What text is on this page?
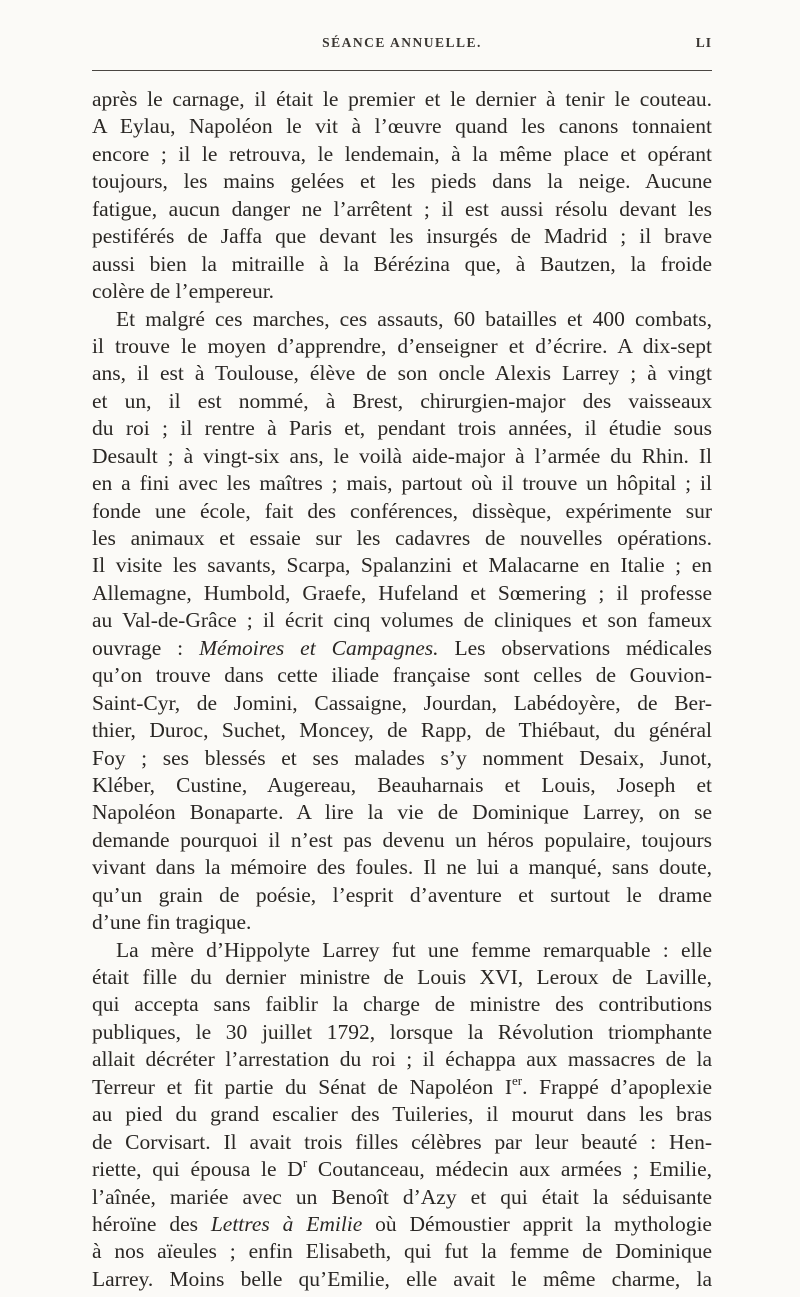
SÉANCE ANNUELLE.	LI
après le carnage, il était le premier et le dernier à tenir le couteau.
A Eylau, Napoléon le vit à l’œuvre quand les canons tonnaient
encore ; il le retrouva, le lendemain, à la même place et opérant
toujours, les mains gelées et les pieds dans la neige. Aucune
fatigue, aucun danger ne l’arrêtent ; il est aussi résolu devant les
pestiférés de Jaffa que devant les insurgés de Madrid ; il brave
aussi bien la mitraille à la Bérézina que, à Bautzen, la froide
colère de l’empereur.
Et malgré ces marches, ces assauts, 60 batailles et 400 combats,
il trouve le moyen d’apprendre, d’enseigner et d’écrire. A dix-sept
ans, il est à Toulouse, élève de son oncle Alexis Larrey ; à vingt
et un, il est nommé, à Brest, chirurgien-major des vaisseaux
du roi ; il rentre à Paris et, pendant trois années, il étudie sous
Desault ; à vingt-six ans, le voilà aide-major à l’armée du Rhin. Il
en a fini avec les maîtres ; mais, partout où il trouve un hôpital ; il
fonde une école, fait des conférences, dissèque, expérimente sur
les animaux et essaie sur les cadavres de nouvelles opérations.
Il visite les savants, Scarpa, Spalanzini et Malacarne en Italie ; en
Allemagne, Humbold, Graefe, Hufeland et Sœmering ; il professe
au Val-de-Grâce ; il écrit cinq volumes de cliniques et son fameux
ouvrage : Mémoires et Campagnes. Les observations médicales
qu’on trouve dans cette iliade française sont celles de Gouvion-
Saint-Cyr, de Jomini, Cassaigne, Jourdan, Labédoyère, de Ber-
thier, Duroc, Suchet, Moncey, de Rapp, de Thiébaut, du général
Foy ; ses blessés et ses malades s’y nomment Desaix, Junot,
Kléber, Custine, Augereau, Beauharnais et Louis, Joseph et
Napoléon Bonaparte. A lire la vie de Dominique Larrey, on se
demande pourquoi il n’est pas devenu un héros populaire, toujours
vivant dans la mémoire des foules. Il ne lui a manqué, sans doute,
qu’un grain de poésie, l’esprit d’aventure et surtout le drame
d’une fin tragique.
La mère d’Hippolyte Larrey fut une femme remarquable : elle
était fille du dernier ministre de Louis XVI, Leroux de Laville,
qui accepta sans faiblir la charge de ministre des contributions
publiques, le 30 juillet 1792, lorsque la Révolution triomphante
allait décréter l’arrestation du roi ; il échappa aux massacres de la
Terreur et fit partie du Sénat de Napoléon Ier. Frappé d’apoplexie
au pied du grand escalier des Tuileries, il mourut dans les bras
de Corvisart. Il avait trois filles célèbres par leur beauté : Hen-
riette, qui épousa le $D^r$ Coutanceau, médecin aux armées ; Emilie,
l’aînée, mariée avec un Benoît d’Azy et qui était la séduisante
héroïne des Lettres à Emilie où Démoustier apprit la mythologie
à nos aïeules ; enfin Elisabeth, qui fut la femme de Dominique
Larrey. Moins belle qu’Emilie, elle avait le même charme, la
